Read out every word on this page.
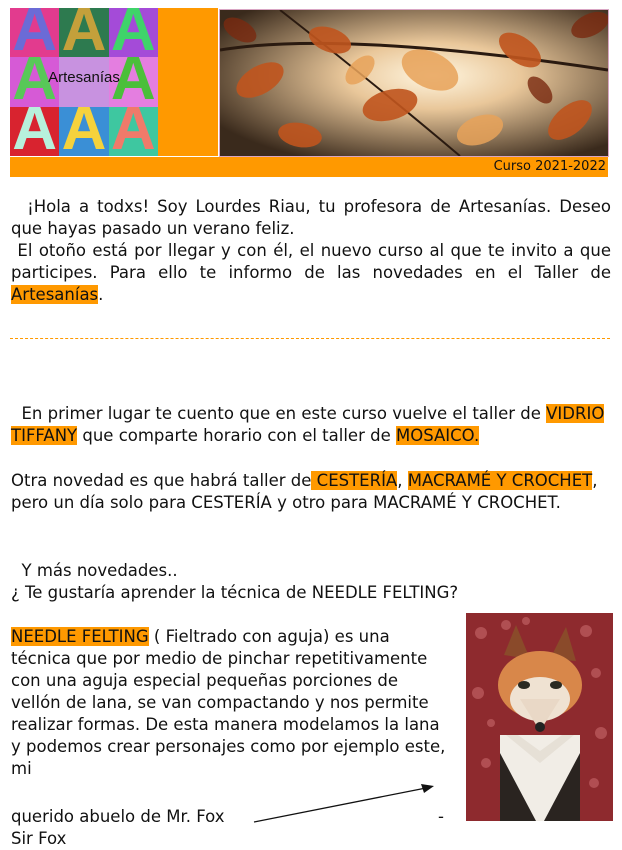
A A A
A A
A A A
Artesanías
Curso 2021-2022

¡Hola a todxs! Soy Lourdes Riau, tu profesora de Artesanías. Deseo que hayas pasado un verano feliz.

El otoño está por llegar y con él, el nuevo curso al que te invito a que participes. Para ello te informo de las novedades en el Taller de Artesanías.

En primer lugar te cuento que en este curso vuelve el taller de VIDRIO TIFFANY que comparte horario con el taller de MOSAICO.
Otra novedad es que habrá taller de CESTERÍA, MACRAMÉ Y CROCHET, pero un día solo para CESTERÍA y otro para MACRAMÉ Y CROCHET.
Y más novedades..
¿ Te gustaría aprender la técnica de NEEDLE FELTING?
NEEDLE FELTING ( Fieltrado con aguja) es una técnica que por medio de pinchar repetitivamente con una aguja especial pequeñas porciones de vellón de lana, se van compactando y nos permite realizar formas. De esta manera modelamos la lana y podemos crear personajes como por ejemplo este, mi
querido abuelo de Mr. Fox
Sir Fox
-
